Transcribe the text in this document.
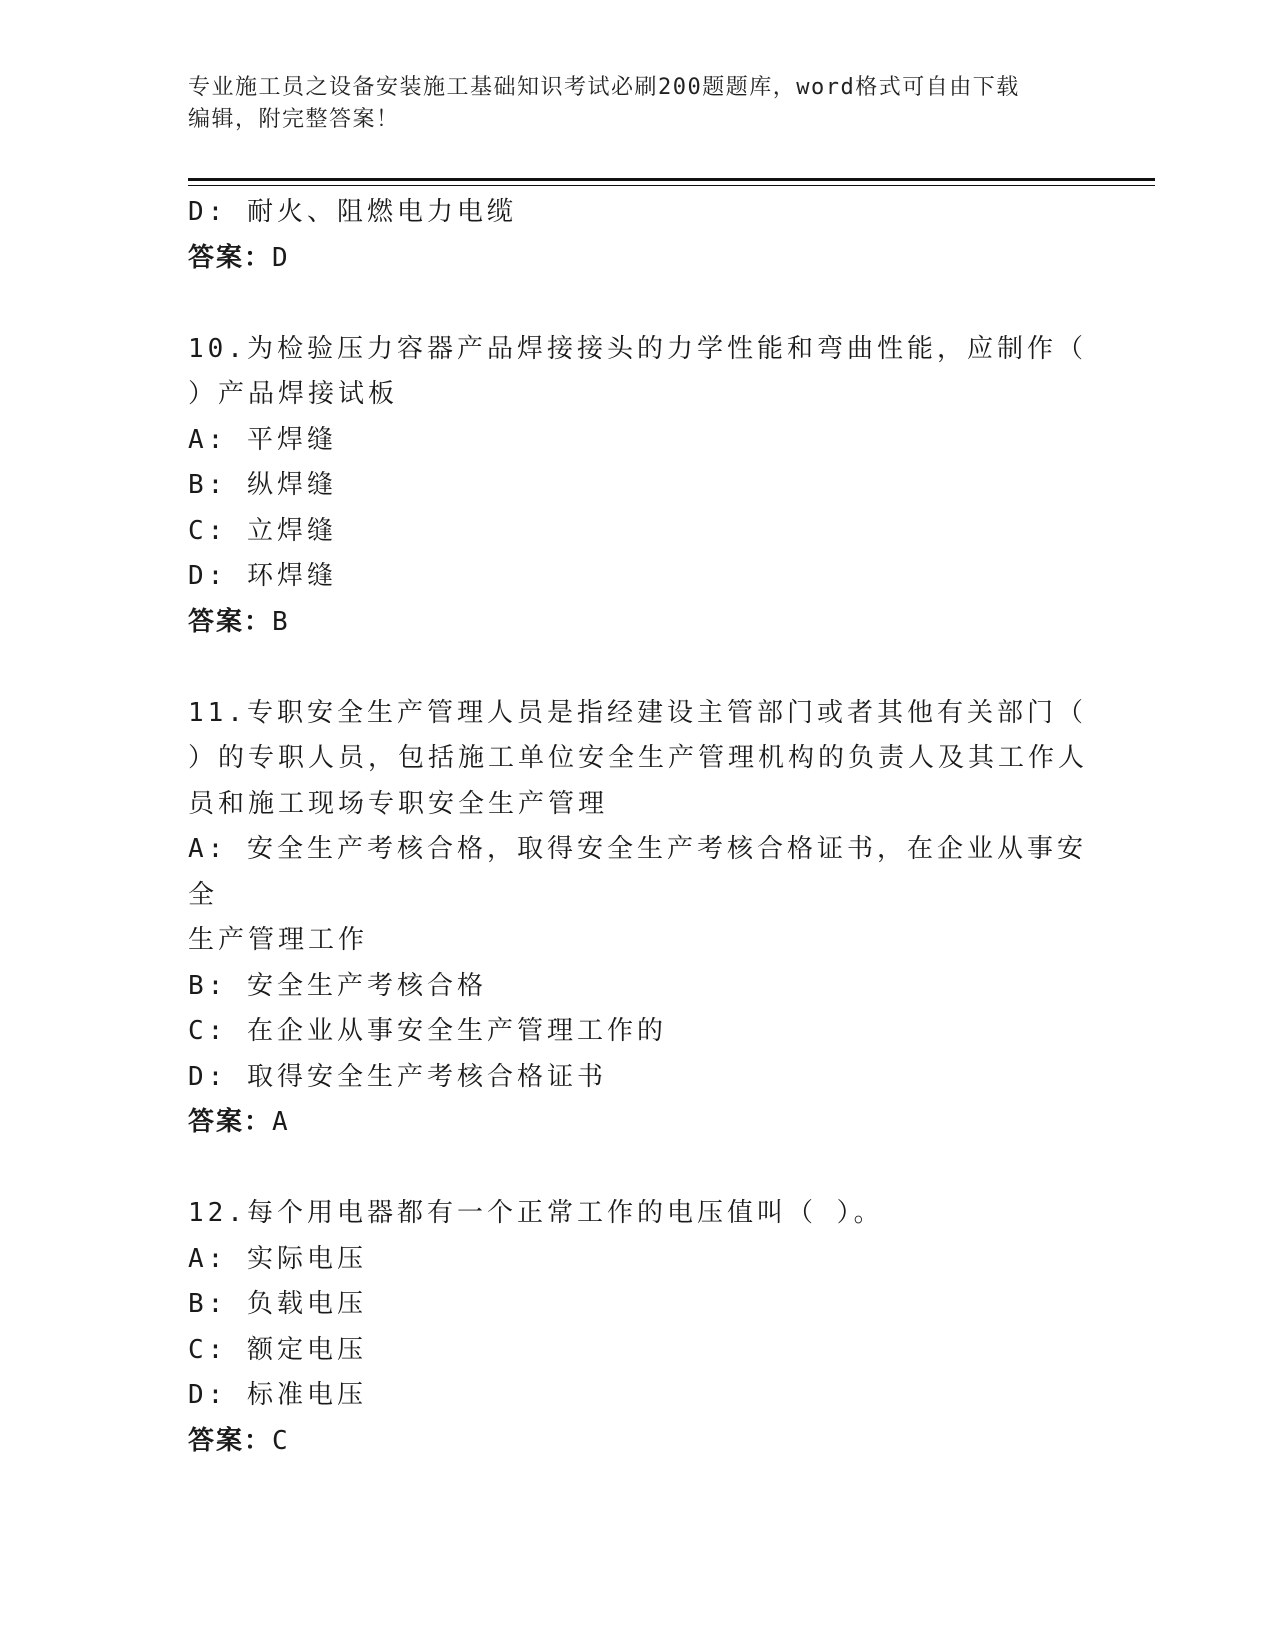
专业施工员之设备安装施工基础知识考试必刷200题题库，word格式可自由下载
编辑，附完整答案！
D: 耐火、阻燃电力电缆
答案：D
10.为检验压力容器产品焊接接头的力学性能和弯曲性能，应制作（
）产品焊接试板
A: 平焊缝
B: 纵焊缝
C: 立焊缝
D: 环焊缝
答案：B
11.专职安全生产管理人员是指经建设主管部门或者其他有关部门（
）的专职人员，包括施工单位安全生产管理机构的负责人及其工作人
员和施工现场专职安全生产管理
A: 安全生产考核合格，取得安全生产考核合格证书，在企业从事安全
生产管理工作
B: 安全生产考核合格
C: 在企业从事安全生产管理工作的
D: 取得安全生产考核合格证书
答案：A
12.每个用电器都有一个正常工作的电压值叫（ ）。
A: 实际电压
B: 负载电压
C: 额定电压
D: 标准电压
答案：C
